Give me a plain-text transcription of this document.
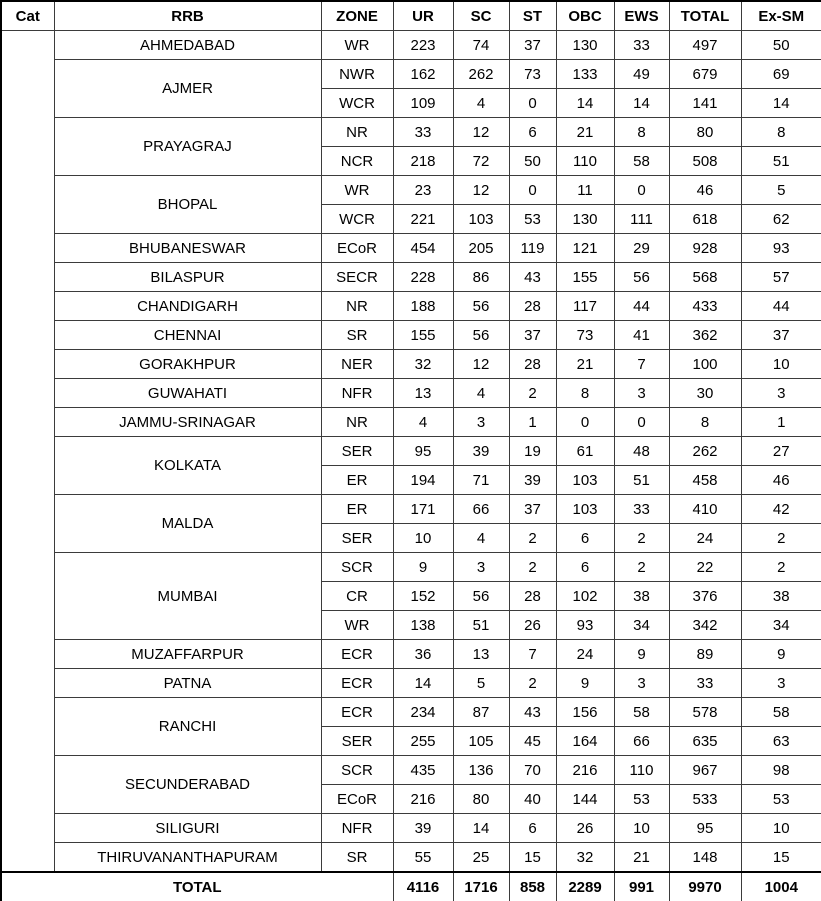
Cat	RRB	ZONE	UR	SC	ST	OBC	EWS	TOTAL	Ex-SM
	AHMEDABAD	WR	223	74	37	130	33	497	50
	AJMER	NWR	162	262	73	133	49	679	69
		WCR	109	4	0	14	14	141	14
	PRAYAGRAJ	NR	33	12	6	21	8	80	8
		NCR	218	72	50	110	58	508	51
	BHOPAL	WR	23	12	0	11	0	46	5
		WCR	221	103	53	130	111	618	62
	BHUBANESWAR	ECoR	454	205	119	121	29	928	93
	BILASPUR	SECR	228	86	43	155	56	568	57
	CHANDIGARH	NR	188	56	28	117	44	433	44
	CHENNAI	SR	155	56	37	73	41	362	37
	GORAKHPUR	NER	32	12	28	21	7	100	10
	GUWAHATI	NFR	13	4	2	8	3	30	3
	JAMMU-SRINAGAR	NR	4	3	1	0	0	8	1
	KOLKATA	SER	95	39	19	61	48	262	27
		ER	194	71	39	103	51	458	46
	MALDA	ER	171	66	37	103	33	410	42
		SER	10	4	2	6	2	24	2
	MUMBAI	SCR	9	3	2	6	2	22	2
		CR	152	56	28	102	38	376	38
		WR	138	51	26	93	34	342	34
	MUZAFFARPUR	ECR	36	13	7	24	9	89	9
	PATNA	ECR	14	5	2	9	3	33	3
	RANCHI	ECR	234	87	43	156	58	578	58
		SER	255	105	45	164	66	635	63
	SECUNDERABAD	SCR	435	136	70	216	110	967	98
		ECoR	216	80	40	144	53	533	53
	SILIGURI	NFR	39	14	6	26	10	95	10
	THIRUVANANTHAPURAM	SR	55	25	15	32	21	148	15
TOTAL			4116	1716	858	2289	991	9970	1004
